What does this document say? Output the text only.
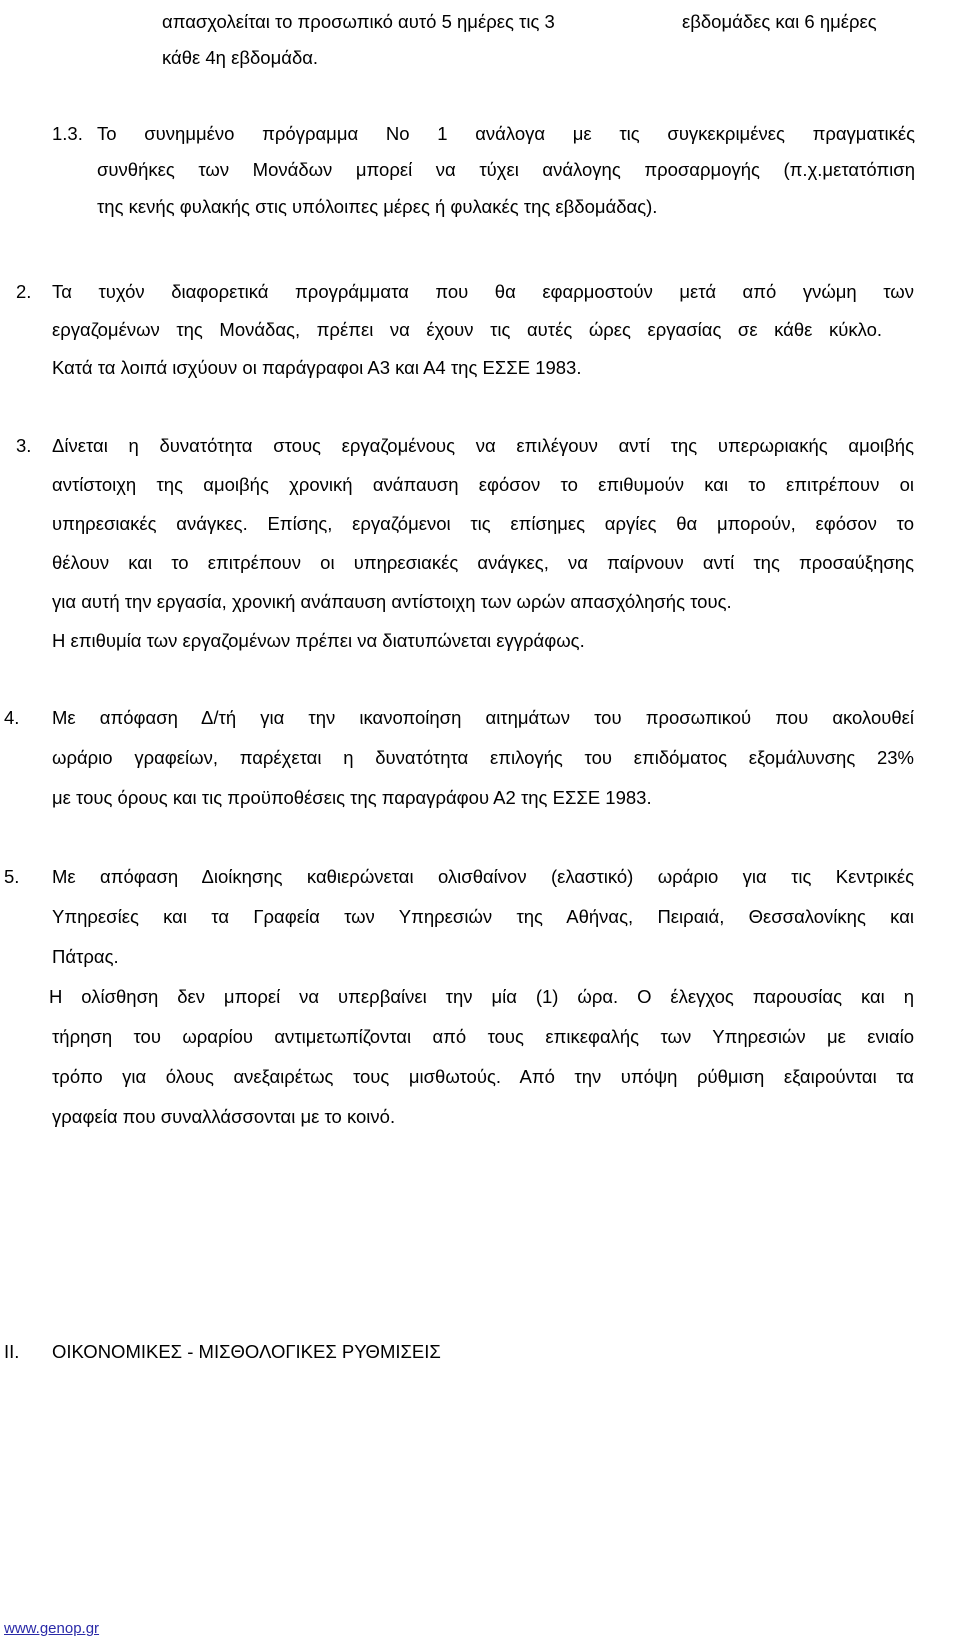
απασχολείται το προσωπικό αυτό 5 ημέρες τις 3	εβδομάδες και 6 ημέρες
κάθε 4η εβδομάδα.
1.3. Το συνημμένο πρόγραμμα Νο 1 ανάλογα με τις συγκεκριμένες πραγματικές
συνθήκες των Μονάδων μπορεί να τύχει ανάλογης προσαρμογής (π.χ.μετατόπιση
της κενής φυλακής στις υπόλοιπες μέρες ή φυλακές της εβδομάδας).
2. Τα τυχόν διαφορετικά προγράμματα που θα εφαρμοστούν μετά από γνώμη των
εργαζομένων της Μονάδας, πρέπει να έχουν τις αυτές ώρες εργασίας σε κάθε κύκλο.
Κατά τα λοιπά ισχύουν οι παράγραφοι Α3 και Α4 της ΕΣΣΕ 1983.
3. Δίνεται η δυνατότητα στους εργαζομένους να επιλέγουν αντί της υπερωριακής αμοιβής
αντίστοιχη της αμοιβής χρονική ανάπαυση εφόσον το επιθυμούν και το επιτρέπουν οι
υπηρεσιακές ανάγκες. Επίσης, εργαζόμενοι τις επίσημες αργίες θα μπορούν, εφόσον το
θέλουν και το επιτρέπουν οι υπηρεσιακές ανάγκες, να παίρνουν αντί της προσαύξησης
για αυτή την εργασία, χρονική ανάπαυση αντίστοιχη των ωρών απασχόλησής τους.
Η επιθυμία των εργαζομένων πρέπει να διατυπώνεται εγγράφως.
4. Με απόφαση Δ/τή για την ικανοποίηση αιτημάτων του προσωπικού που ακολουθεί
ωράριο γραφείων, παρέχεται η δυνατότητα επιλογής του επιδόματος εξομάλυνσης 23%
με τους όρους και τις προϋποθέσεις της παραγράφου Α2 της ΕΣΣΕ 1983.
5. Με απόφαση Διοίκησης καθιερώνεται ολισθαίνον (ελαστικό) ωράριο για τις Κεντρικές
Υπηρεσίες και τα Γραφεία των Υπηρεσιών της Αθήνας, Πειραιά, Θεσσαλονίκης και
Πάτρας.
Η ολίσθηση δεν μπορεί να υπερβαίνει την μία (1) ώρα. Ο έλεγχος παρουσίας και η
τήρηση του ωραρίου αντιμετωπίζονται από τους επικεφαλής των Υπηρεσιών με ενιαίο
τρόπο για όλους ανεξαιρέτως τους μισθωτούς. Από την υπόψη ρύθμιση εξαιρούνται τα
γραφεία που συναλλάσσονται με το κοινό.
ΙΙ. ΟΙΚΟΝΟΜΙΚΕΣ - ΜΙΣΘΟΛΟΓΙΚΕΣ ΡΥΘΜΙΣΕΙΣ
www.genop.gr
